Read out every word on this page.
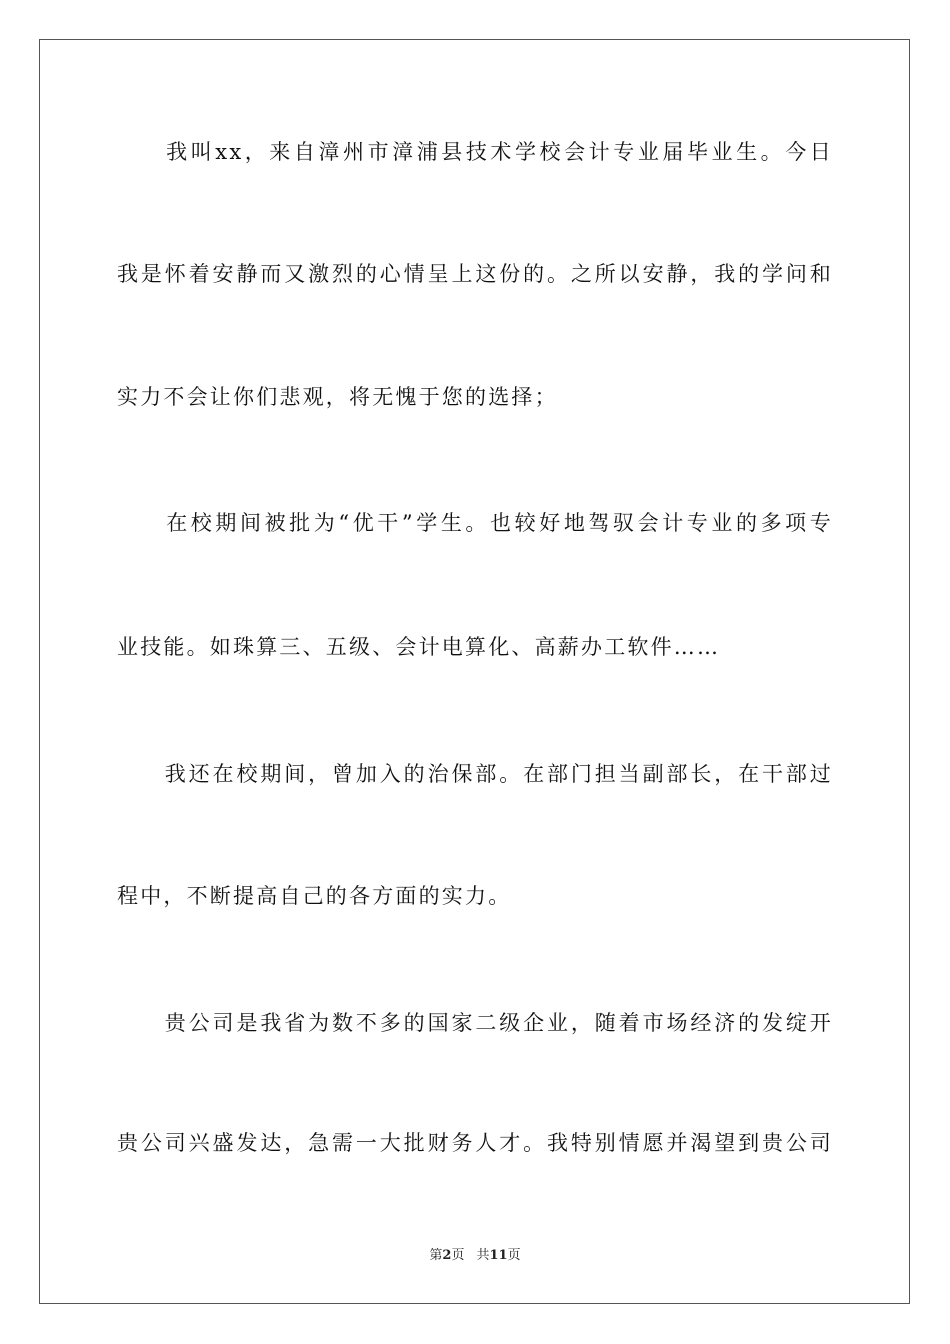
　　我叫xx，来自漳州市漳浦县技术学校会计专业届毕业生。今日
我是怀着安静而又激烈的心情呈上这份的。之所以安静，我的学问和
实力不会让你们悲观，将无愧于您的选择；
　　在校期间被批为“优干”学生。也较好地驾驭会计专业的多项专
业技能。如珠算三、五级、会计电算化、高薪办工软件……
　　我还在校期间，曾加入的治保部。在部门担当副部长，在干部过
程中，不断提高自己的各方面的实力。
　　贵公司是我省为数不多的国家二级企业，随着市场经济的发绽开
贵公司兴盛发达，急需一大批财务人才。我特别情愿并渴望到贵公司
第2页 共11页
